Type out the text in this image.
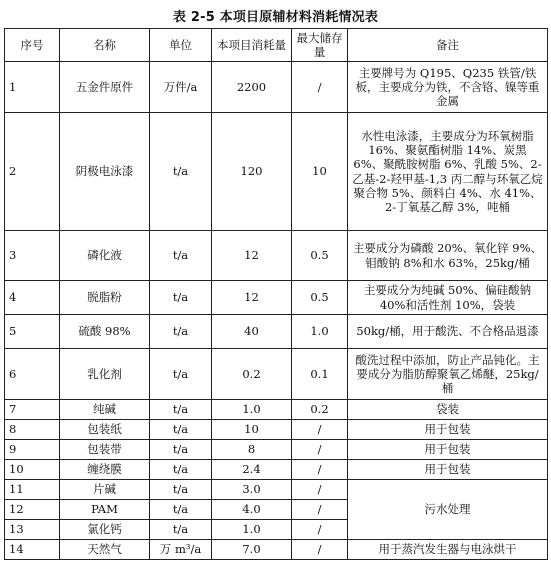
表 2-5 本项目原辅材料消耗情况表
序号	名称	单位	本项目消耗量	最大储存量	备注
1	五金件原件	万件/a	2200	/	主要牌号为 Q195、Q235 铁管/铁板，主要成分为铁，不含铬、镍等重金属
2	阴极电泳漆	t/a	120	10	水性电泳漆，主要成分为环氧树脂 16%、聚氨酯树脂 14%、炭黑 6%、聚酰胺树脂 6%、乳酸 5%、2-乙基-2-羟甲基-1,3 丙二醇与环氧乙烷聚合物 5%、颜料白 4%、水 41%、2-丁氧基乙醇 3%，吨桶
3	磷化液	t/a	12	0.5	主要成分为磷酸 20%、氧化锌 9%、钼酸钠 8%和水 63%，25kg/桶
4	脱脂粉	t/a	12	0.5	主要成分为纯碱 50%、偏硅酸钠 40%和活性剂 10%，袋装
5	硫酸 98%	t/a	40	1.0	50kg/桶，用于酸洗、不合格品退漆
6	乳化剂	t/a	0.2	0.1	酸洗过程中添加，防止产品钝化。主要成分为脂肪醇聚氧乙烯醚，25kg/桶
7	纯碱	t/a	1.0	0.2	袋装
8	包装纸	t/a	10	/	用于包装
9	包装带	t/a	8	/	用于包装
10	缠绕膜	t/a	2.4	/	用于包装
11	片碱	t/a	3.0	/	污水处理
12	PAM	t/a	4.0	/	
13	氯化钙	t/a	1.0	/	
14	天然气	万 m³/a	7.0	/	用于蒸汽发生器与电泳烘干
